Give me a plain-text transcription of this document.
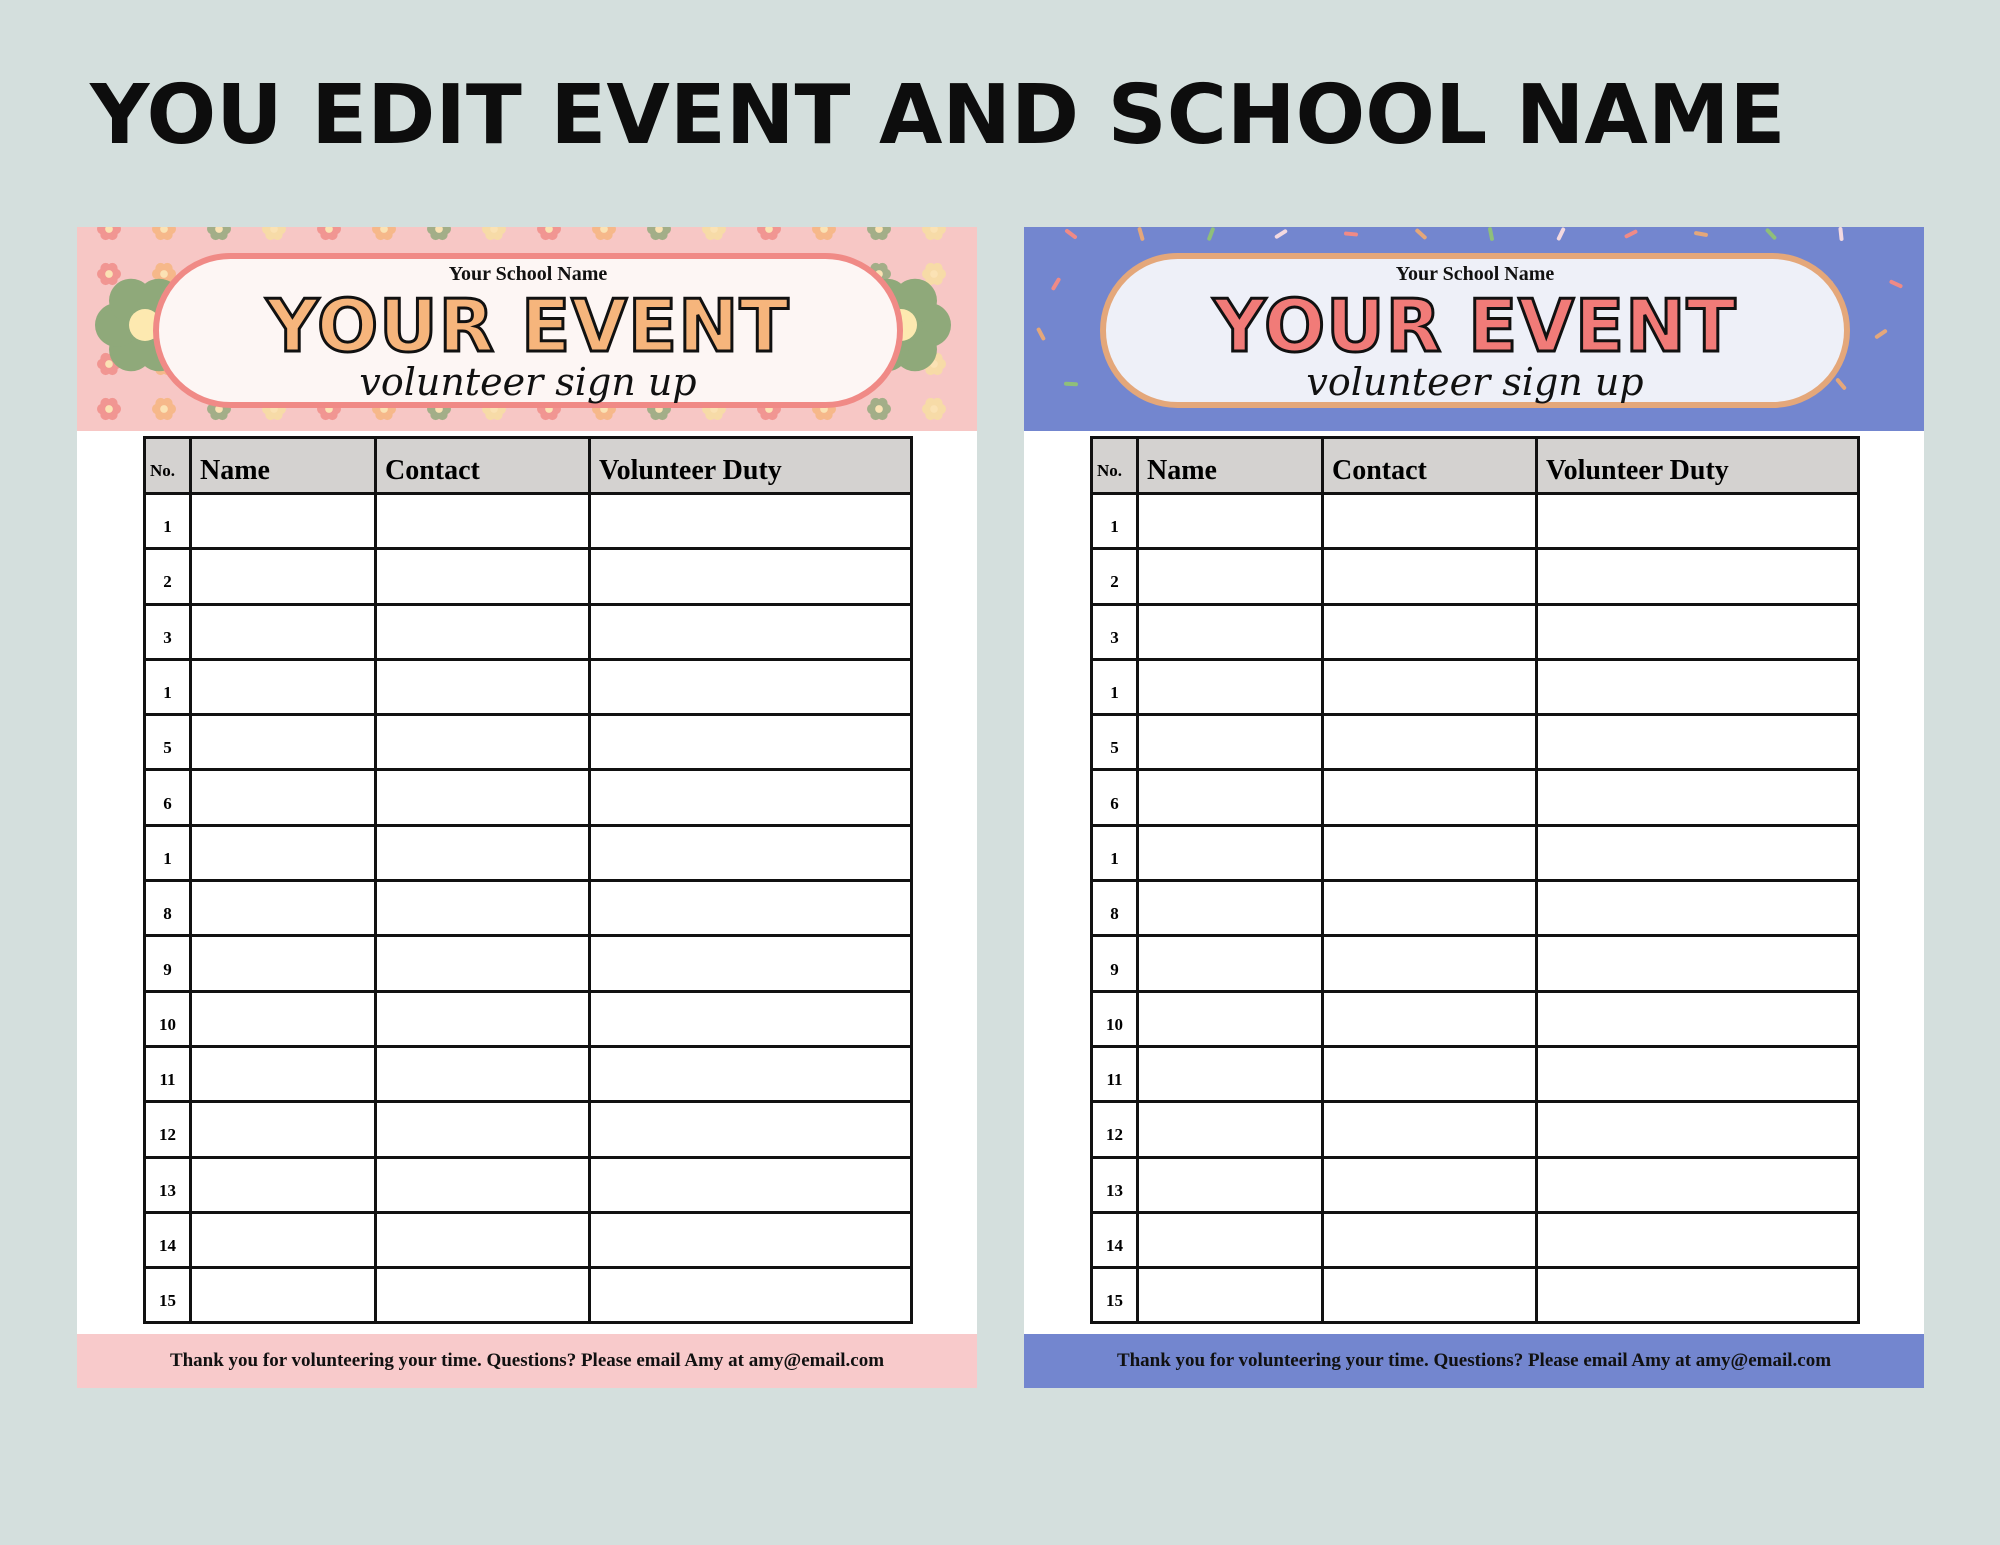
YOU EDIT EVENT AND SCHOOL NAME
Your School Name
YOUR EVENT
volunteer sign up
No.	Name	Contact	Volunteer Duty
1			
2			
3			
1			
5			
6			
1			
8			
9			
10			
11			
12			
13			
14			
15			
Thank you for volunteering your time. Questions? Please email Amy at amy@email.com
Your School Name
YOUR EVENT
volunteer sign up
No.	Name	Contact	Volunteer Duty
1			
2			
3			
1			
5			
6			
1			
8			
9			
10			
11			
12			
13			
14			
15			
Thank you for volunteering your time. Questions? Please email Amy at amy@email.com
